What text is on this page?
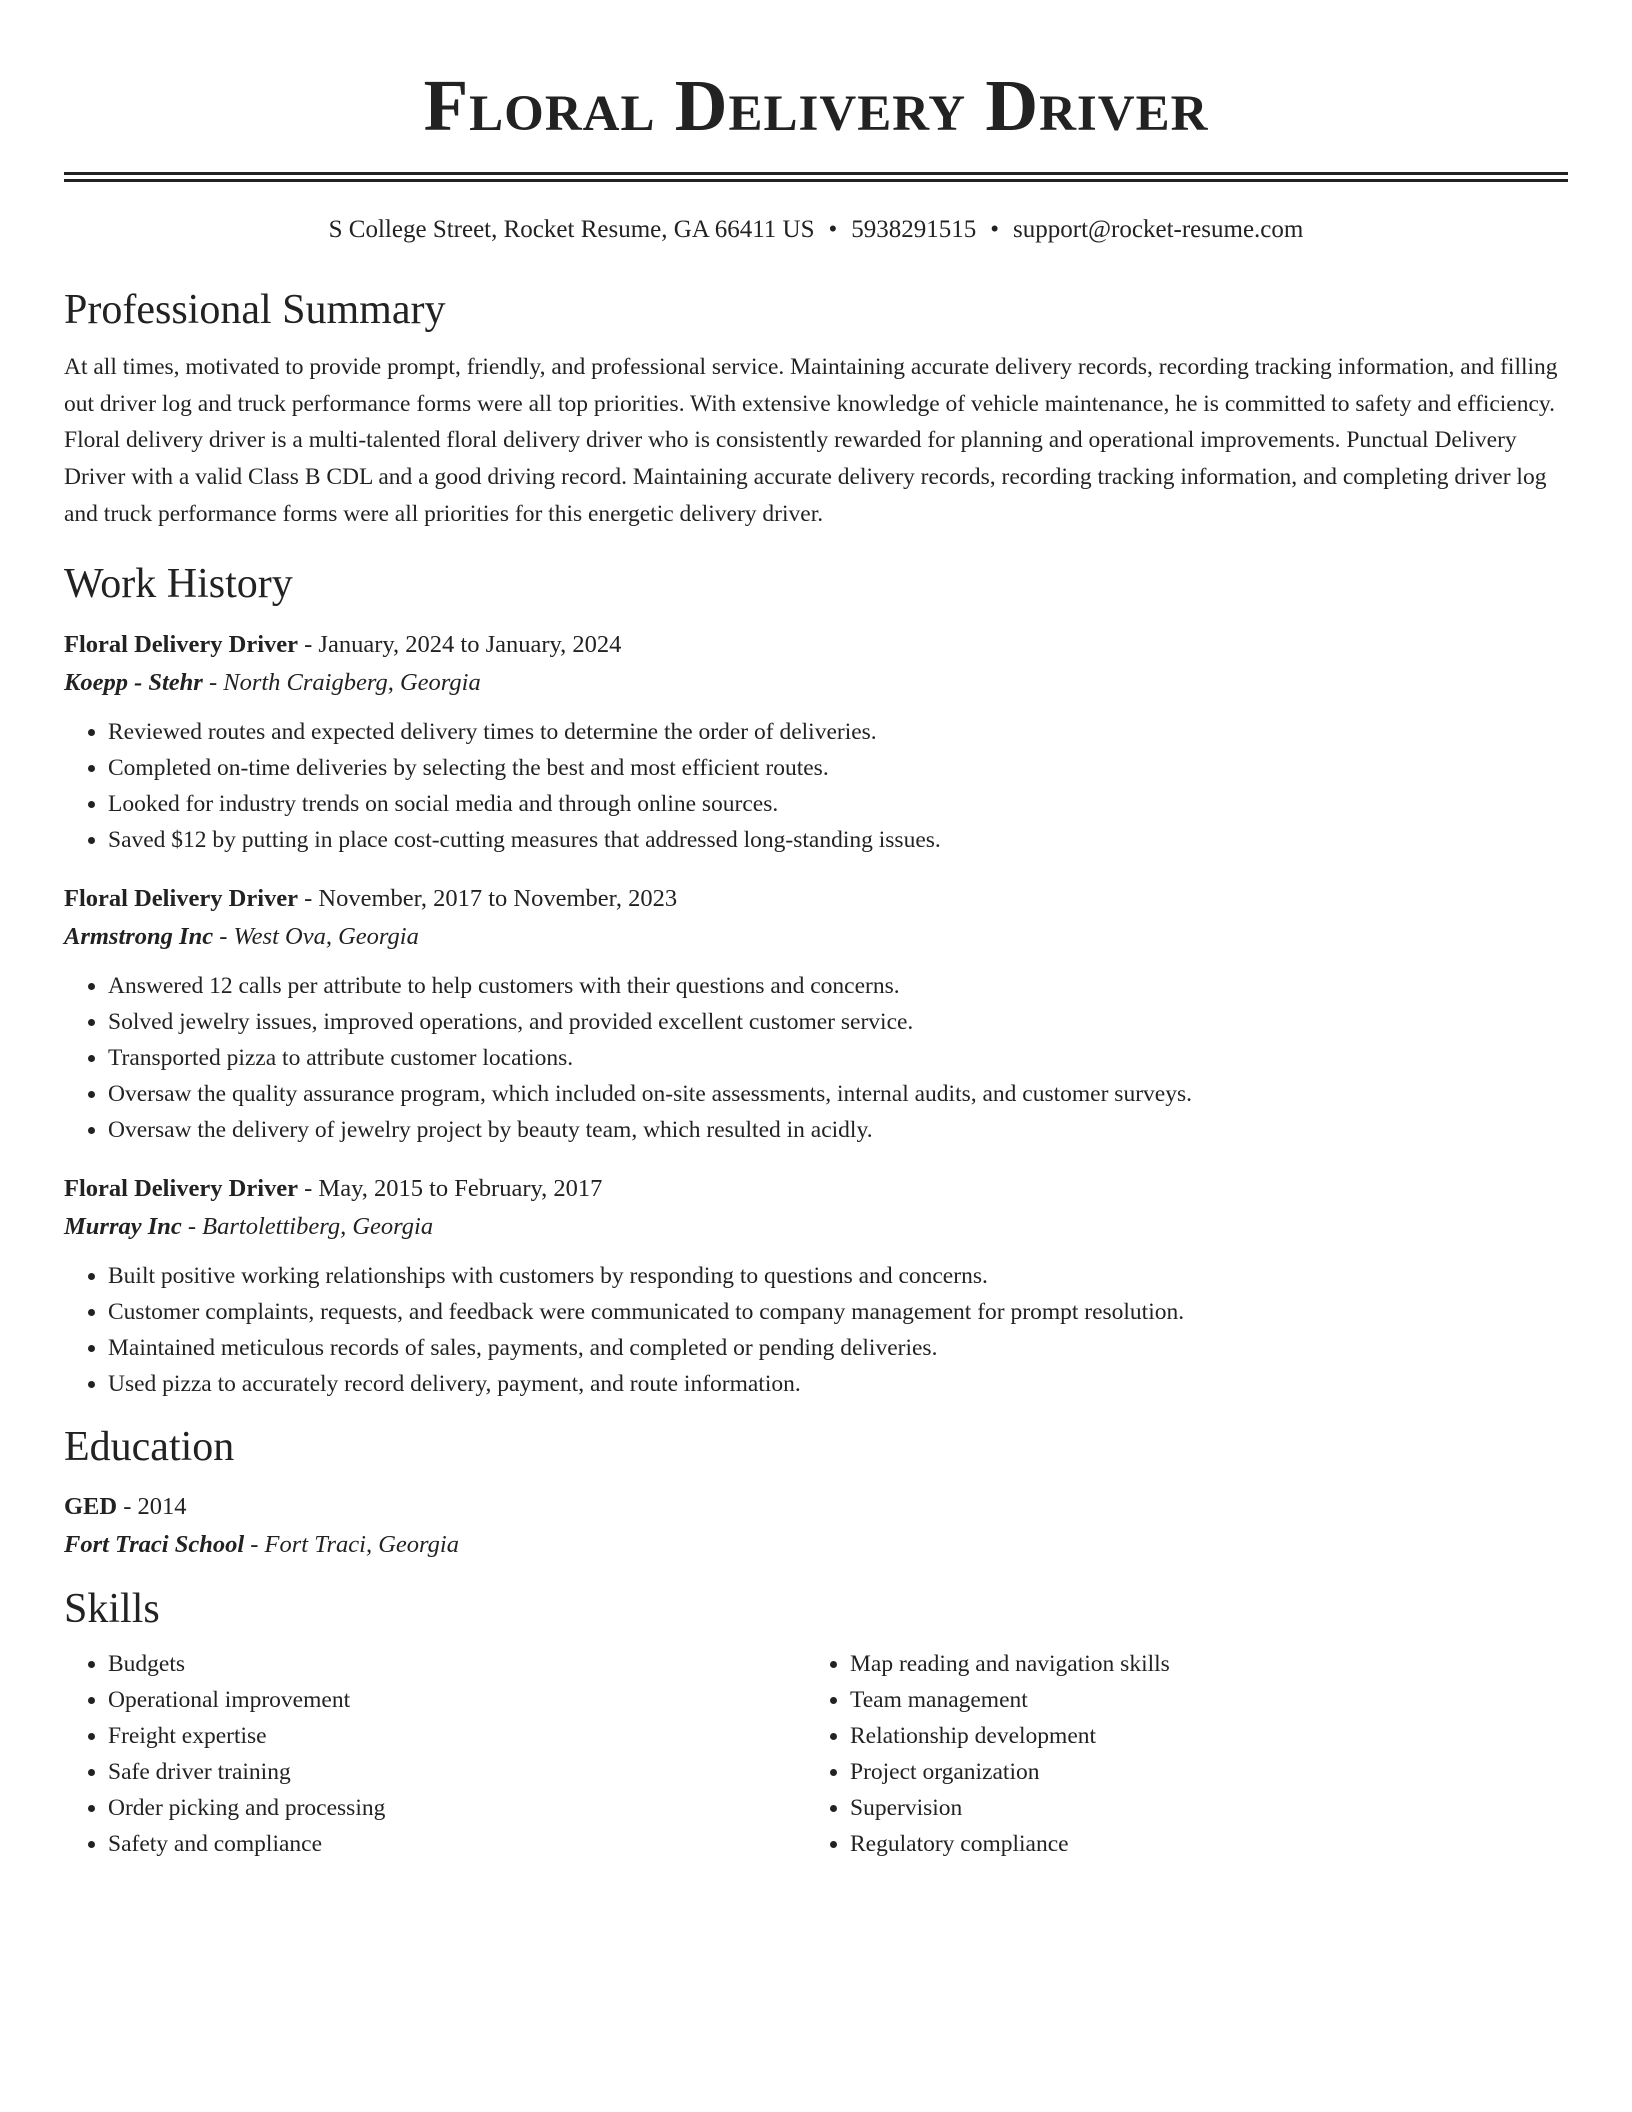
Floral Delivery Driver
S College Street, Rocket Resume, GA 66411 US • 5938291515 • support@rocket-resume.com
Professional Summary

At all times, motivated to provide prompt, friendly, and professional service. Maintaining accurate delivery records, recording tracking information, and filling out driver log and truck performance forms were all top priorities. With extensive knowledge of vehicle maintenance, he is committed to safety and efficiency. Floral delivery driver is a multi-talented floral delivery driver who is consistently rewarded for planning and operational improvements. Punctual Delivery Driver with a valid Class B CDL and a good driving record. Maintaining accurate delivery records, recording tracking information, and completing driver log and truck performance forms were all priorities for this energetic delivery driver.

Work History
Floral Delivery Driver - January, 2024 to January, 2024
Koepp - Stehr - North Craigberg, Georgia
• Reviewed routes and expected delivery times to determine the order of deliveries.
• Completed on-time deliveries by selecting the best and most efficient routes.
• Looked for industry trends on social media and through online sources.
• Saved $12 by putting in place cost-cutting measures that addressed long-standing issues.
Floral Delivery Driver - November, 2017 to November, 2023
Armstrong Inc - West Ova, Georgia
• Answered 12 calls per attribute to help customers with their questions and concerns.
• Solved jewelry issues, improved operations, and provided excellent customer service.
• Transported pizza to attribute customer locations.
• Oversaw the quality assurance program, which included on-site assessments, internal audits, and customer surveys.
• Oversaw the delivery of jewelry project by beauty team, which resulted in acidly.
Floral Delivery Driver - May, 2015 to February, 2017
Murray Inc - Bartolettiberg, Georgia
• Built positive working relationships with customers by responding to questions and concerns.
• Customer complaints, requests, and feedback were communicated to company management for prompt resolution.
• Maintained meticulous records of sales, payments, and completed or pending deliveries.
• Used pizza to accurately record delivery, payment, and route information.
Education
GED - 2014
Fort Traci School - Fort Traci, Georgia
Skills
• Budgets
• Operational improvement
• Freight expertise
• Safe driver training
• Order picking and processing
• Safety and compliance
• Map reading and navigation skills
• Team management
• Relationship development
• Project organization
• Supervision
• Regulatory compliance
